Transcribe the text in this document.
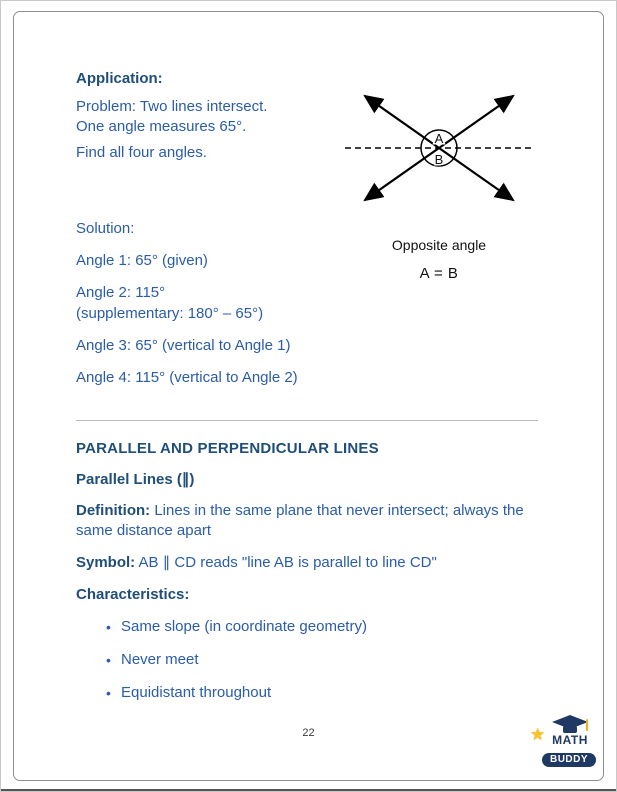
Application:

Problem: Two lines intersect.

One angle measures 65°.

Find all four angles.

Solution:

Angle 1: 65° (given)

Angle 2: 115°

(supplementary: 180° – 65°)

Angle 3: 65° (vertical to Angle 1)

Angle 4: 115° (vertical to Angle 2)

PARALLEL AND PERPENDICULAR LINES

Parallel Lines (∥)

Definition: Lines in the same plane that never intersect; always the same distance apart

Symbol: AB ∥ CD reads "line AB is parallel to line CD"

Characteristics:

• Same slope (in coordinate geometry)
• Never meet
• Equidistant throughout
A
B
Opposite angle
A = B
22	★ MATH
BUDDY
